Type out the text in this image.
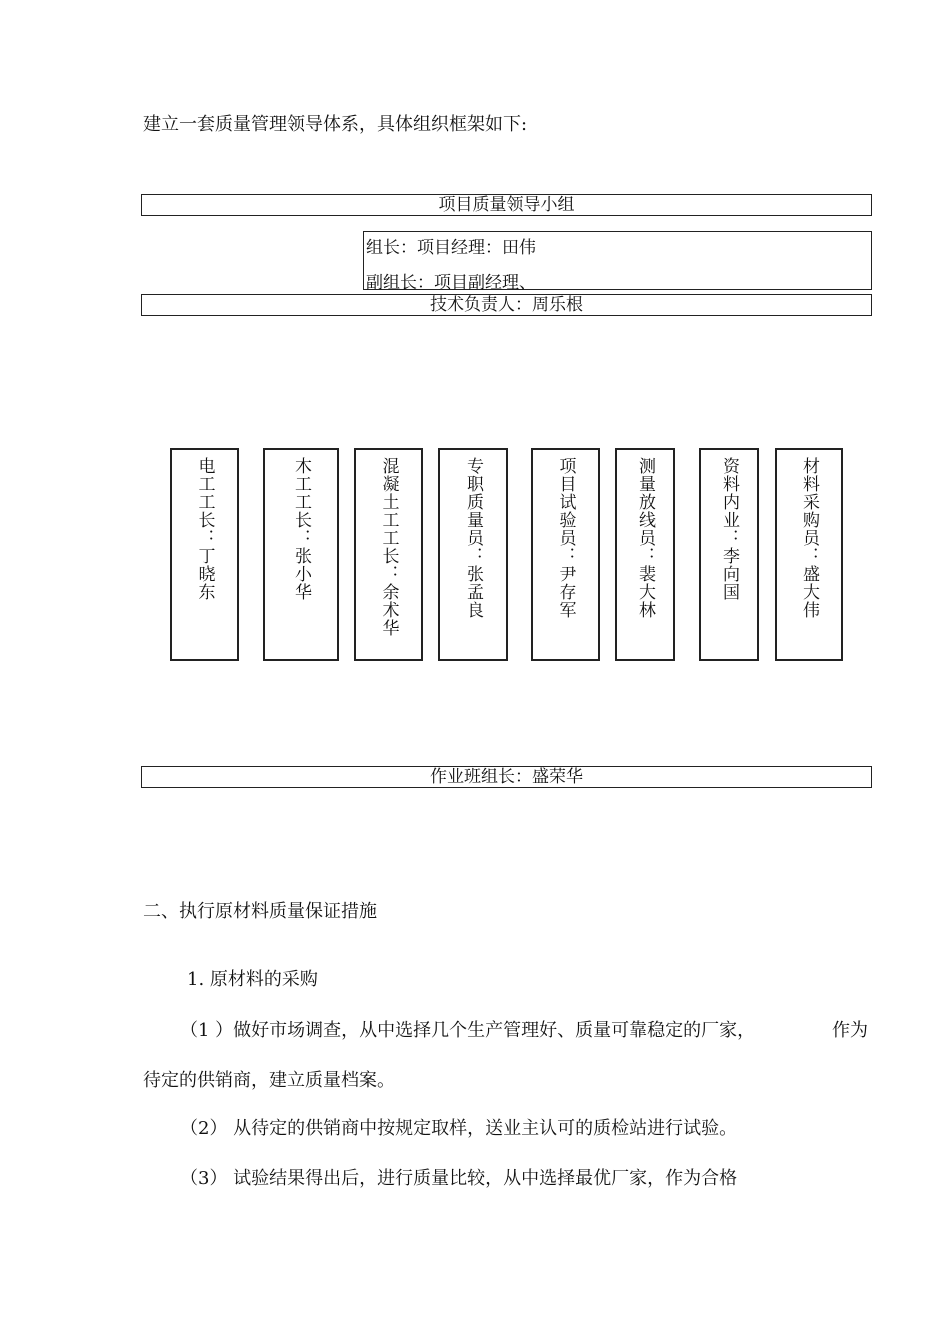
建立一套质量管理领导体系，具体组织框架如下:
项目质量领导小组
组长：项目经理：田伟
副组长：项目副经理、
技术负责人：周乐根
电工工长：丁晓东
木工工长：张小华	混凝土工工长：余术华
专职质量员：张孟良
项目试验员：尹存军
测量放线员：裴大林
资料内业：李向国
材料采购员：盛大伟
作业班组长：盛荣华
二、执行原材料质量保证措施
1. 原材料的采购
（1 ）做好市场调查，从中选择几个生产管理好、质量可靠稳定的厂家，	作为
待定的供销商，建立质量档案。
（2） 从待定的供销商中按规定取样，送业主认可的质检站进行试验。
（3） 试验结果得出后，进行质量比较，从中选择最优厂家，作为合格
